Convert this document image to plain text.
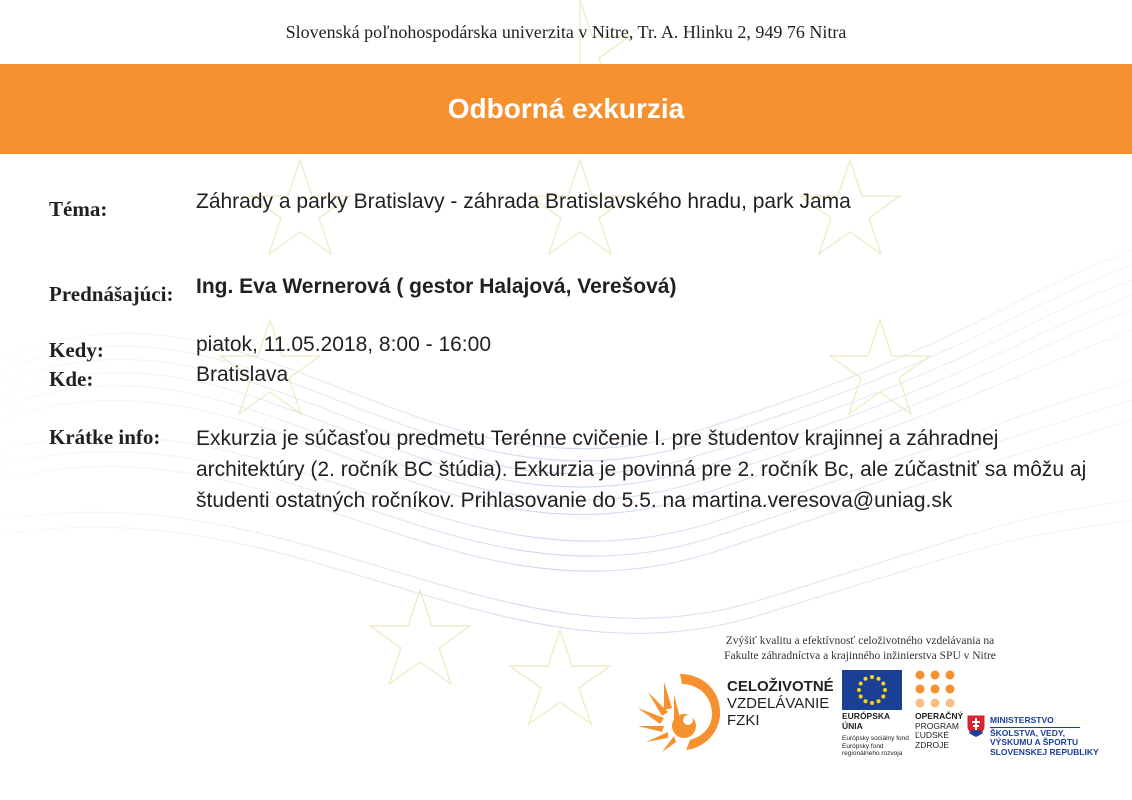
Slovenská poľnohospodárska univerzita v Nitre, Tr. A. Hlinku 2, 949 76 Nitra
Odborná exkurzia
Téma:	Záhrady a parky Bratislavy - záhrada Bratislavského hradu, park Jama
Prednášajúci: Ing. Eva Wernerová ( gestor Halajová, Verešová)
Kedy:	piatok, 11.05.2018, 8:00 - 16:00
Kde:	Bratislava
Krátke info: Exkurzia je súčasťou predmetu Terénne cvičenie I. pre študentov krajinnej a záhradnej architektúry (2. ročník BC štúdia). Exkurzia je povinná pre 2. ročník Bc, ale zúčastniť sa môžu aj študenti ostatných ročníkov. Prihlasovanie do 5.5. na martina.veresova@uniag.sk
Zvýšiť kvalitu a efektívnosť celoživotného vzdelávania na
Fakulte záhradníctva a krajinného inžinierstva SPU v Nitre
CELOŽIVOTNÉ
VZDELÁVANIE
FZKI	EURÓPSKA ÚNIA
Európsky sociálny fond
Európsky fond
regionálneho rozvoja
OPERAČNÝ
PROGRAM
ĽUDSKÉ
ZDROJE
MINISTERSTVO
ŠKOLSTVA, VEDY,
VÝSKUMU A ŠPORTU
SLOVENSKEJ REPUBLIKY
